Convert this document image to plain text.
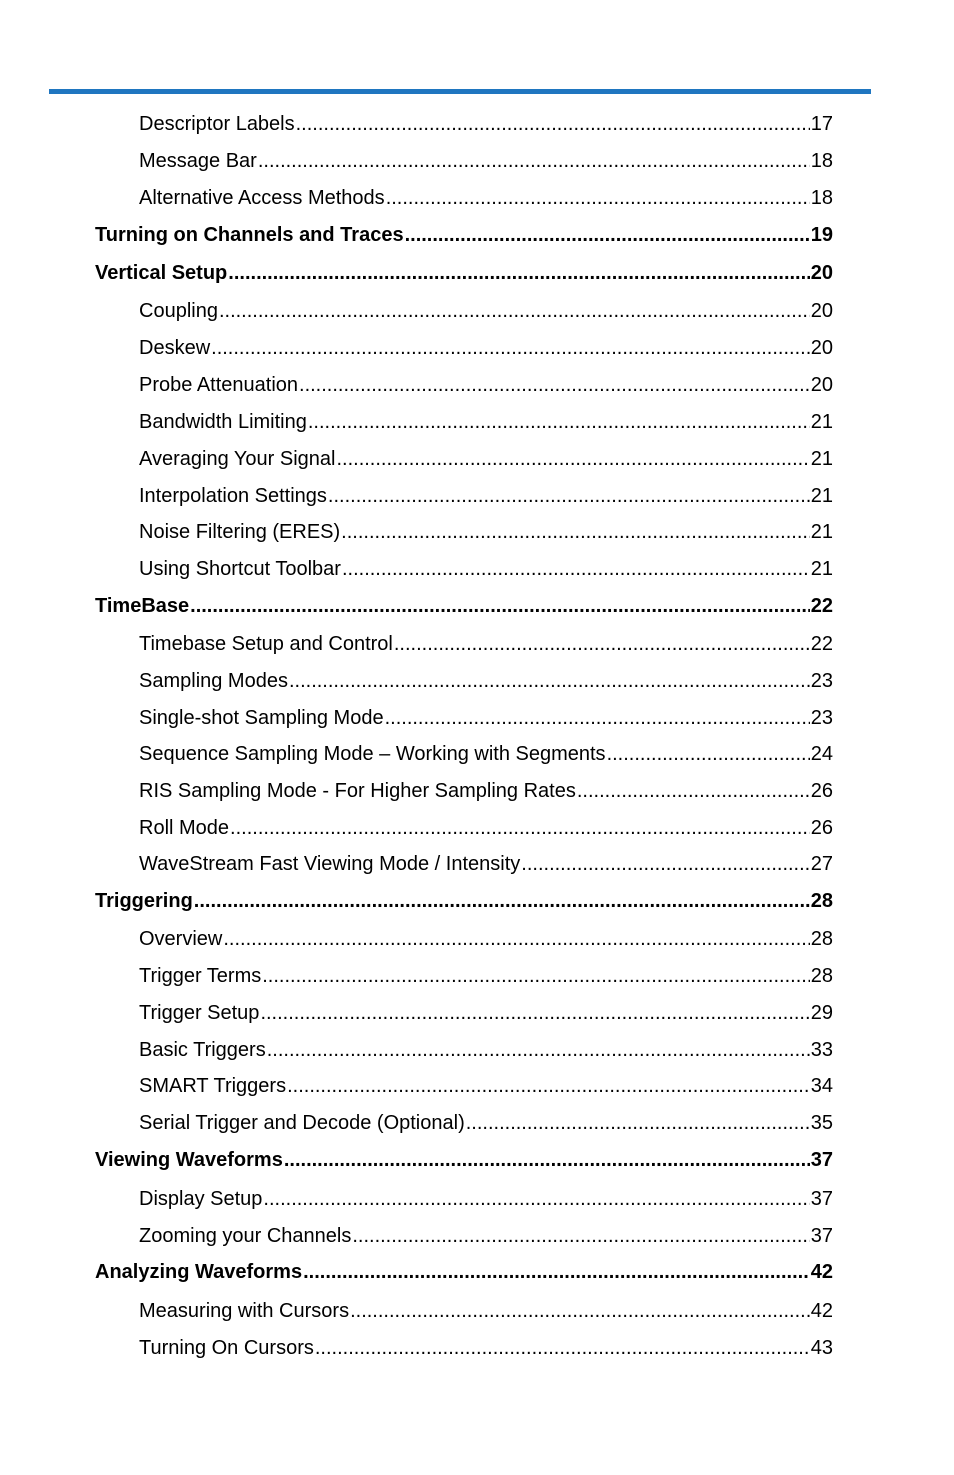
Descriptor Labels .....	17
Message Bar .....	18
Alternative Access Methods .....	18
Turning on Channels and Traces .....	19
Vertical Setup .....	20
Coupling .....	20
Deskew .....	20
Probe Attenuation .....	20
Bandwidth Limiting .....	21
Averaging Your Signal .....	21
Interpolation Settings .....	21
Noise Filtering (ERES) .....	21
Using Shortcut Toolbar .....	21
TimeBase .....	22
Timebase Setup and Control .....	22
Sampling Modes .....	23
Single-shot Sampling Mode .....	23
Sequence Sampling Mode – Working with Segments .....	24
RIS Sampling Mode - For Higher Sampling Rates .....	26
Roll Mode .....	26
WaveStream Fast Viewing Mode / Intensity .....	27
Triggering .....	28
Overview .....	28
Trigger Terms .....	28
Trigger Setup .....	29
Basic Triggers .....	33
SMART Triggers .....	34
Serial Trigger and Decode (Optional) .....	35
Viewing Waveforms .....	37
Display Setup .....	37
Zooming your Channels .....	37
Analyzing Waveforms .....	42
Measuring with Cursors .....	42
Turning On Cursors .....	43
